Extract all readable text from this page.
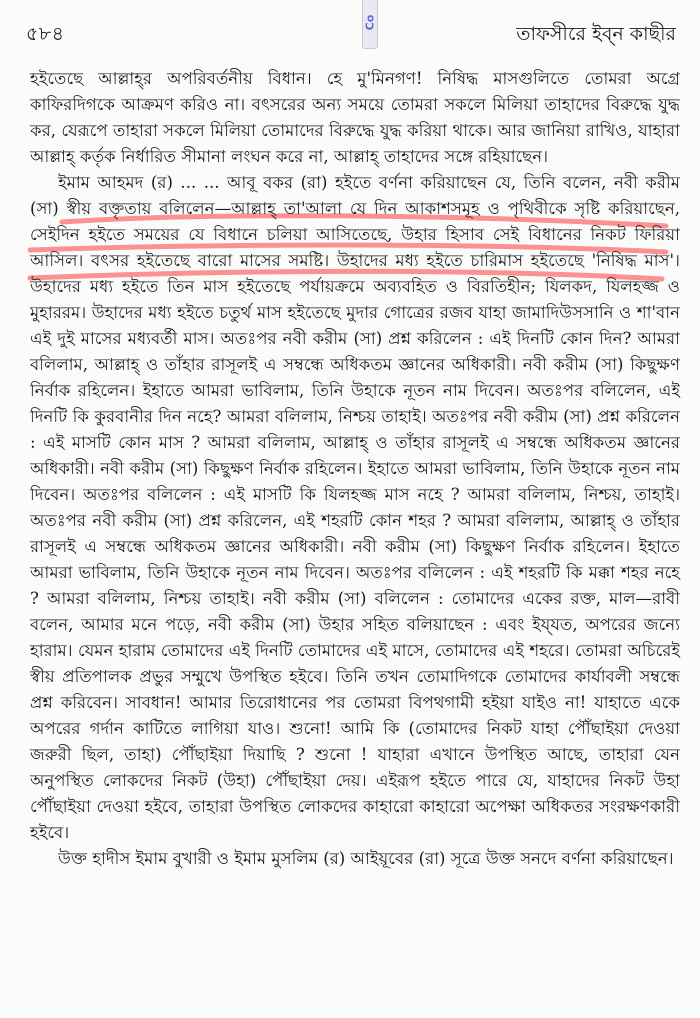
Co
৫৮৪	তাফসীরে ইব্‌ন কাছীর

হইতেছে আল্লাহ্‌র অপরিবর্তনীয় বিধান। হে মু'মিনগণ! নিষিদ্ধ মাসগুলিতে তোমরা অগ্রে কাফিরদিগকে আক্রমণ করিও না। বৎসরের অন্য সময়ে তোমরা সকলে মিলিয়া তাহাদের বিরুদ্ধে যুদ্ধ কর, যেরূপে তাহারা সকলে মিলিয়া তোমাদের বিরুদ্ধে যুদ্ধ করিয়া থাকে। আর জানিয়া রাখিও, যাহারা আল্লাহ্‌ কর্তৃক নির্ধারিত সীমানা লংঘন করে না, আল্লাহ্‌ তাহাদের সঙ্গে রহিয়াছেন।

ইমাম আহমদ (র) ... ... আবূ বকর (রা) হইতে বর্ণনা করিয়াছেন যে, তিনি বলেন, নবী করীম (সা) স্বীয় বক্তৃতায় বলিলেন—আল্লাহ্‌ তা'আলা যে দিন আকাশসমূহ ও পৃথিবীকে সৃষ্টি করিয়াছেন, সেইদিন হইতে সময়ের যে বিধানে চলিয়া আসিতেছে, উহার হিসাব সেই বিধানের নিকট ফিরিয়া আসিল। বৎসর হইতেছে বারো মাসের সমষ্টি। উহাদের মধ্য হইতে চারিমাস হইতেছে 'নিষিদ্ধ মাস'। উহাদের মধ্য হইতে তিন মাস হইতেছে পর্যায়ক্রমে অব্যবহিত ও বিরতিহীন; যিলকদ, যিলহজ্জ ও মুহাররম। উহাদের মধ্য হইতে চতুর্থ মাস হইতেছে মুদার গোত্রের রজব যাহা জামাদিউসসানি ও শা'বান এই দুই মাসের মধ্যবর্তী মাস। অতঃপর নবী করীম (সা) প্রশ্ন করিলেন : এই দিনটি কোন দিন? আমরা বলিলাম, আল্লাহ্‌ ও তাঁহার রাসূলই এ সম্বন্ধে অধিকতম জ্ঞানের অধিকারী। নবী করীম (সা) কিছুক্ষণ নির্বাক রহিলেন। ইহাতে আমরা ভাবিলাম, তিনি উহাকে নূতন নাম দিবেন। অতঃপর বলিলেন, এই দিনটি কি কুরবানীর দিন নহে? আমরা বলিলাম, নিশ্চয় তাহাই। অতঃপর নবী করীম (সা) প্রশ্ন করিলেন : এই মাসটি কোন মাস ? আমরা বলিলাম, আল্লাহ্‌ ও তাঁহার রাসূলই এ সম্বন্ধে অধিকতম জ্ঞানের অধিকারী। নবী করীম (সা) কিছুক্ষণ নির্বাক রহিলেন। ইহাতে আমরা ভাবিলাম, তিনি উহাকে নূতন নাম দিবেন। অতঃপর বলিলেন : এই মাসটি কি যিলহজ্জ মাস নহে ? আমরা বলিলাম, নিশ্চয়, তাহাই। অতঃপর নবী করীম (সা) প্রশ্ন করিলেন, এই শহরটি কোন শহর ? আমরা বলিলাম, আল্লাহ্‌ ও তাঁহার রাসূলই এ সম্বন্ধে অধিকতম জ্ঞানের অধিকারী। নবী করীম (সা) কিছুক্ষণ নির্বাক রহিলেন। ইহাতে আমরা ভাবিলাম, তিনি উহাকে নূতন নাম দিবেন। অতঃপর বলিলেন : এই শহরটি কি মক্কা শহর নহে ? আমরা বলিলাম, নিশ্চয় তাহাই। নবী করীম (সা) বলিলেন : তোমাদের একের রক্ত, মাল—রাবী বলেন, আমার মনে পড়ে, নবী করীম (সা) উহার সহিত বলিয়াছেন : এবং ইয্‌যত, অপরের জন্যে হারাম। যেমন হারাম তোমাদের এই দিনটি তোমাদের এই মাসে, তোমাদের এই শহরে। তোমরা অচিরেই স্বীয় প্রতিপালক প্রভুর সম্মুখে উপস্থিত হইবে। তিনি তখন তোমাদিগকে তোমাদের কার্যাবলী সম্বন্ধে প্রশ্ন করিবেন। সাবধান! আমার তিরোধানের পর তোমরা বিপথগামী হইয়া যাইও না! যাহাতে একে অপরের গর্দান কাটিতে লাগিয়া যাও। শুনো! আমি কি (তোমাদের নিকট যাহা পৌঁছাইয়া দেওয়া জরুরী ছিল, তাহা) পৌঁছাইয়া দিয়াছি ? শুনো ! যাহারা এখানে উপস্থিত আছে, তাহারা যেন অনুপস্থিত লোকদের নিকট (উহা) পৌঁছাইয়া দেয়। এইরূপ হইতে পারে যে, যাহাদের নিকট উহা পৌঁছাইয়া দেওয়া হইবে, তাহারা উপস্থিত লোকদের কাহারো কাহারো অপেক্ষা অধিকতর সংরক্ষণকারী হইবে।

উক্ত হাদীস ইমাম বুখারী ও ইমাম মুসলিম (র) আইয়ূবের (রা) সূত্রে উক্ত সনদে বর্ণনা করিয়াছেন।
